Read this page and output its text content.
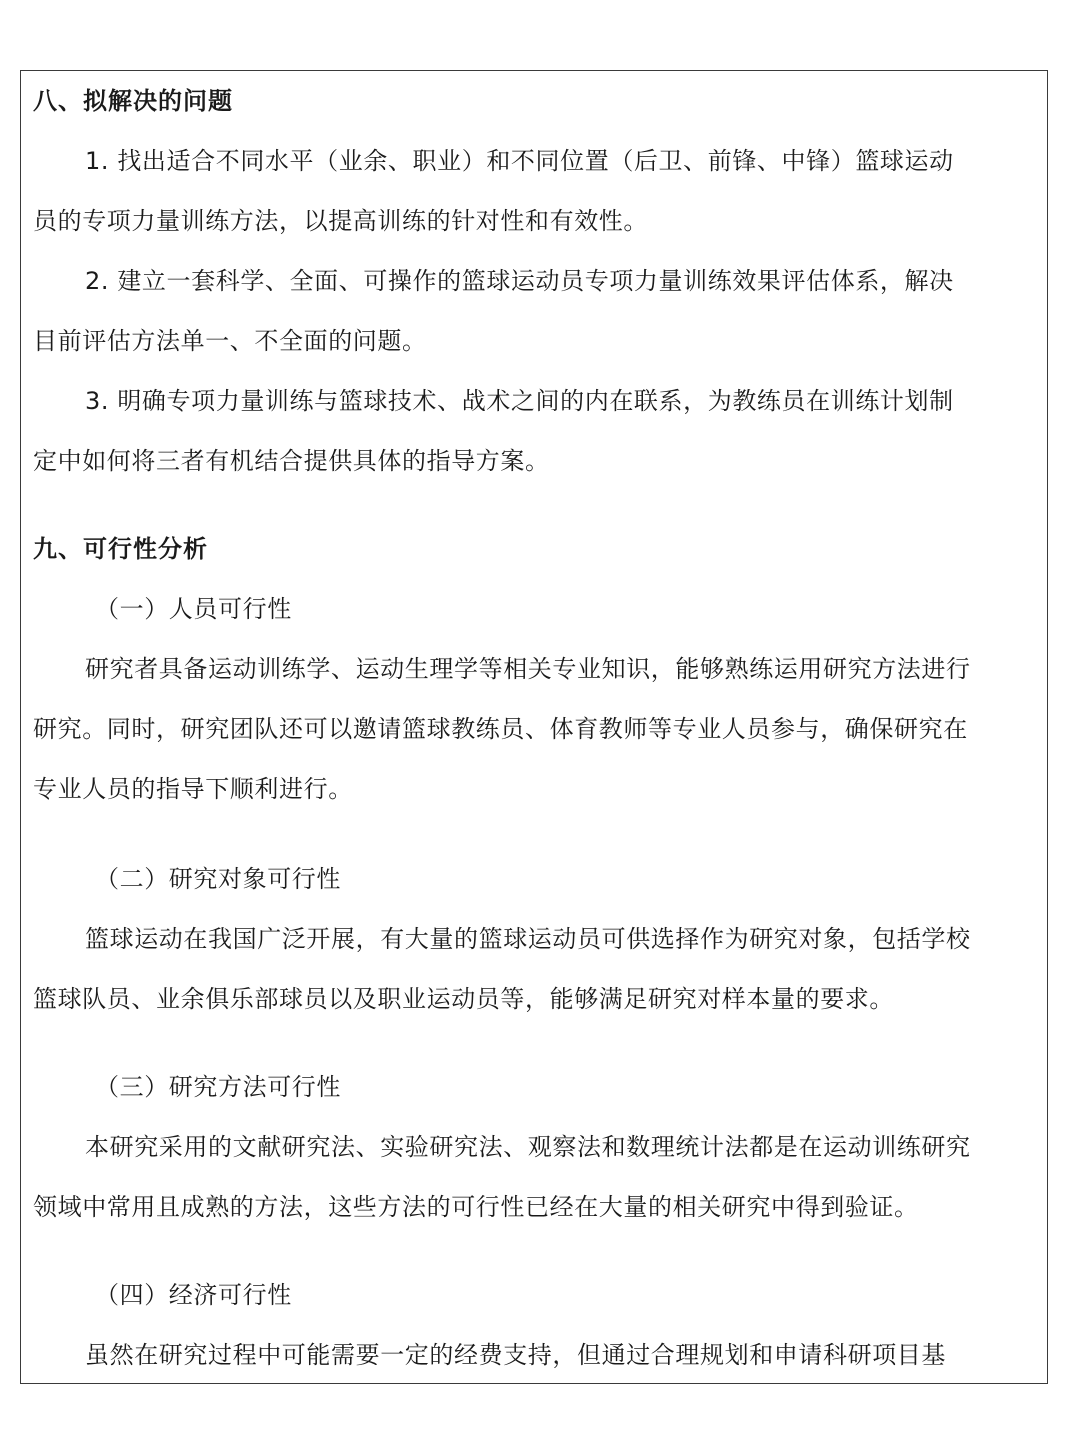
八、拟解决的问题
1. 找出适合不同水平（业余、职业）和不同位置（后卫、前锋、中锋）篮球运动
员的专项力量训练方法，以提高训练的针对性和有效性。
2. 建立一套科学、全面、可操作的篮球运动员专项力量训练效果评估体系，解决
目前评估方法单一、不全面的问题。
3. 明确专项力量训练与篮球技术、战术之间的内在联系，为教练员在训练计划制
定中如何将三者有机结合提供具体的指导方案。
九、可行性分析
（一）人员可行性
研究者具备运动训练学、运动生理学等相关专业知识，能够熟练运用研究方法进行
研究。同时，研究团队还可以邀请篮球教练员、体育教师等专业人员参与，确保研究在
专业人员的指导下顺利进行。
（二）研究对象可行性
篮球运动在我国广泛开展，有大量的篮球运动员可供选择作为研究对象，包括学校
篮球队员、业余俱乐部球员以及职业运动员等，能够满足研究对样本量的要求。
（三）研究方法可行性
本研究采用的文献研究法、实验研究法、观察法和数理统计法都是在运动训练研究
领域中常用且成熟的方法，这些方法的可行性已经在大量的相关研究中得到验证。
（四）经济可行性
虽然在研究过程中可能需要一定的经费支持，但通过合理规划和申请科研项目基
